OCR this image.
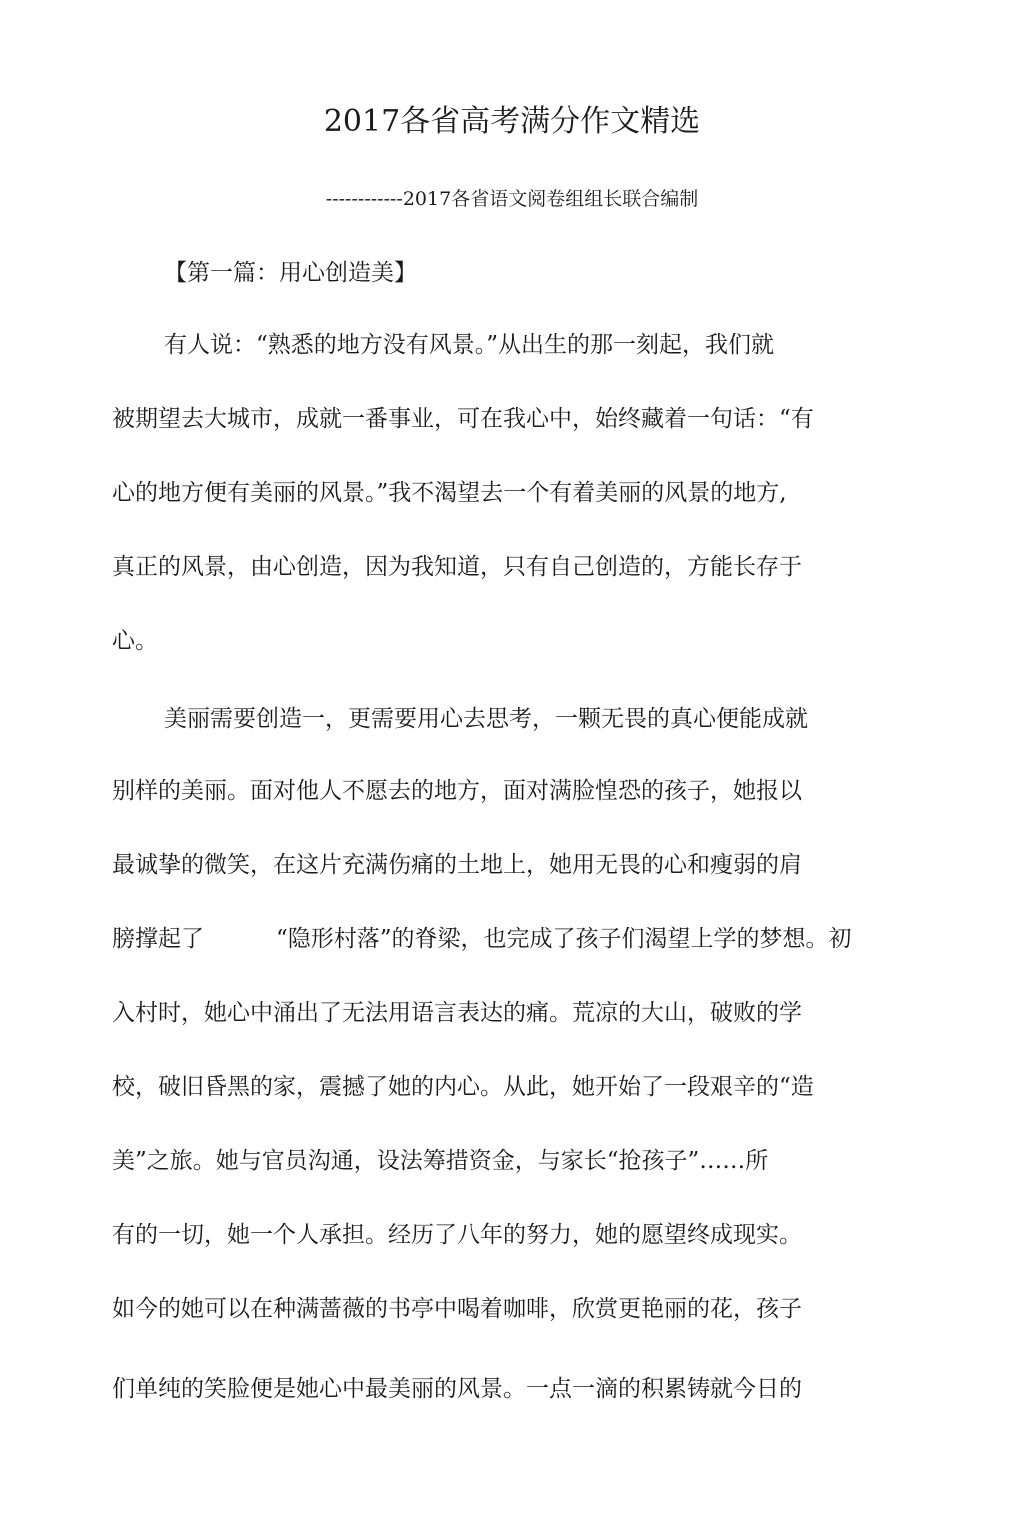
2017各省高考满分作文精选
------------2017各省语文阅卷组组长联合编制
【第一篇：用心创造美】
有人说：“熟悉的地方没有风景。”从出生的那一刻起，我们就
被期望去大城市，成就一番事业，可在我心中，始终藏着一句话：“有
心的地方便有美丽的风景。”我不渴望去一个有着美丽的风景的地方,
真正的风景，由心创造，因为我知道，只有自己创造的，方能长存于
心。
美丽需要创造一，更需要用心去思考，一颗无畏的真心便能成就
别样的美丽。面对他人不愿去的地方，面对满脸惶恐的孩子，她报以
最诚挚的微笑，在这片充满伤痛的土地上，她用无畏的心和瘦弱的肩
膀撑起了	“隐形村落”的脊梁，也完成了孩子们渴望上学的梦想。初
入村时，她心中涌出了无法用语言表达的痛。荒凉的大山，破败的学
校，破旧昏黑的家，震撼了她的内心。从此，她开始了一段艰辛的“造
美”之旅。她与官员沟通，设法筹措资金，与家长“抢孩子”……所
有的一切，她一个人承担。经历了八年的努力，她的愿望终成现实。
如今的她可以在种满蔷薇的书亭中喝着咖啡，欣赏更艳丽的花，孩子
们单纯的笑脸便是她心中最美丽的风景。一点一滴的积累铸就今日的
